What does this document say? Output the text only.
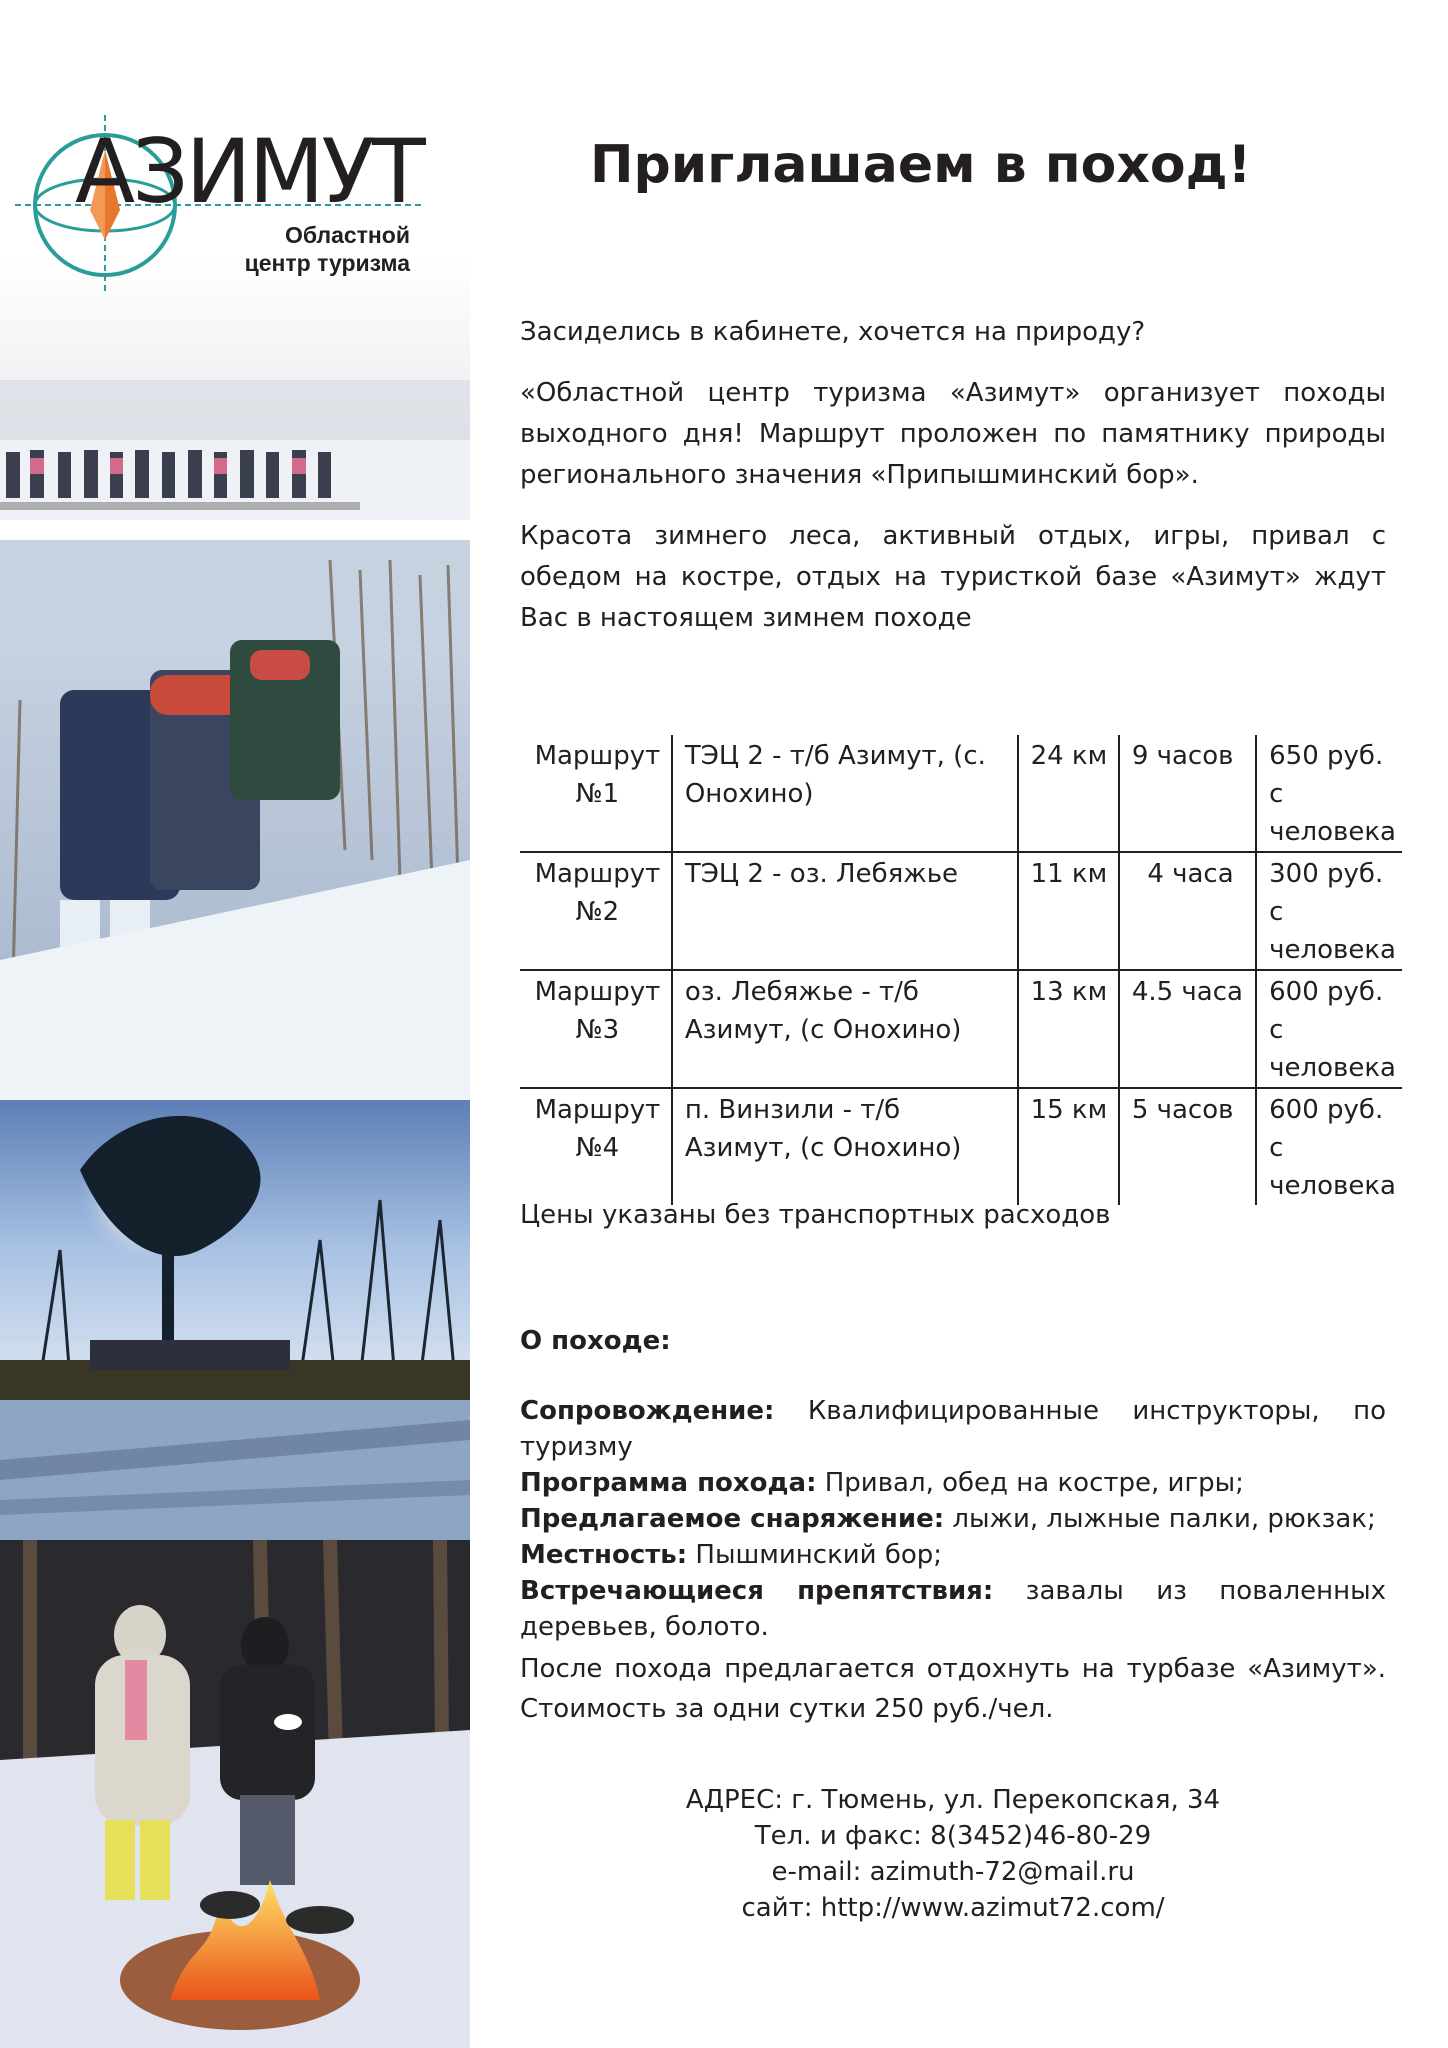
АЗИМУТ
Областной
центр туризма
Приглашаем в поход!

Засиделись в кабинете, хочется на природу?

«Областной центр туризма «Азимут» организует походы выходного дня! Маршрут проложен по памятнику природы регионального значения «Припышминский бор».

Красота зимнего леса, активный отдых, игры, привал с обедом на костре, отдых на туристкой базе «Азимут» ждут Вас в настоящем зимнем походе

Маршрут №1	ТЭЦ 2 - т/б Азимут, (с. Онохино)	24 км	9 часов	650 руб. с человека
Маршрут №2	ТЭЦ 2 - оз. Лебяжье	11 км	4 часа	300 руб. с человека
Маршрут №3	оз. Лебяжье - т/б Азимут, (с Онохино)	13 км	4.5 часа	600 руб. с человека
Маршрут №4	п. Винзили - т/б Азимут, (с Онохино)	15 км	5 часов	600 руб. с человека

Цены указаны без транспортных расходов

О походе:

Сопровождение: Квалифицированные инструкторы, по туризму

Программа похода: Привал, обед на костре, игры;

Предлагаемое снаряжение: лыжи, лыжные палки, рюкзак;

Местность: Пышминский бор;

Встречающиеся препятствия: завалы из поваленных деревьев, болото.

После похода предлагается отдохнуть на турбазе «Азимут». Стоимость за одни сутки 250 руб./чел.

АДРЕС: г. Тюмень, ул. Перекопская, 34

Тел. и факс: 8(3452)46-80-29

e-mail: azimuth-72@mail.ru

сайт: http://www.azimut72.com/
